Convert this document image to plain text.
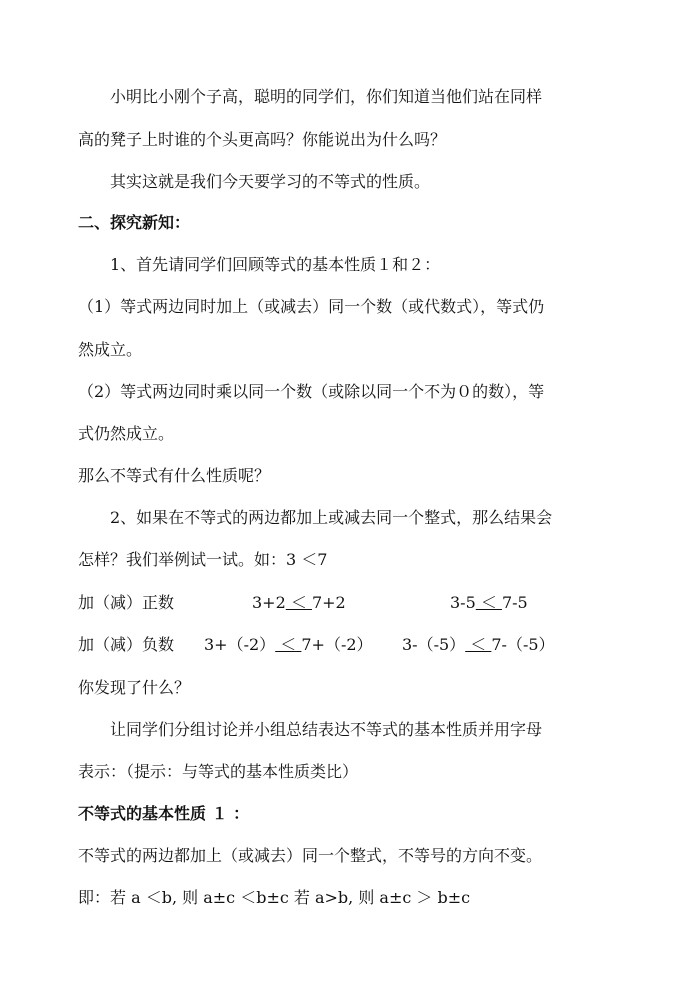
小明比小刚个子高，聪明的同学们，你们知道当他们站在同样
高的凳子上时谁的个头更高吗？你能说出为什么吗？
其实这就是我们今天要学习的不等式的性质。
二、探究新知：
1、首先请同学们回顾等式的基本性质１和２：
（1）等式两边同时加上（或减去）同一个数（或代数式），等式仍
然成立。
（2）等式两边同时乘以同一个数（或除以同一个不为０的数），等
式仍然成立。
那么不等式有什么性质呢？
2、如果在不等式的两边都加上或减去同一个整式，那么结果会
怎样？我们举例试一试。如：3 ＜7
加（减）正数	3+2 ＜ 7+2	3-5 ＜ 7-5
加（减）负数 3+（-2） ＜ 7+（-2） 3-（-5） ＜ 7-（-5）
你发现了什么？
让同学们分组讨论并小组总结表达不等式的基本性质并用字母
表示：（提示：与等式的基本性质类比）
不等式的基本性质 １ ：
不等式的两边都加上（或减去）同一个整式，不等号的方向不变。
即：若 a ＜b, 则 a±c ＜b±c 若 a>b, 则 a±c ＞ b±c
